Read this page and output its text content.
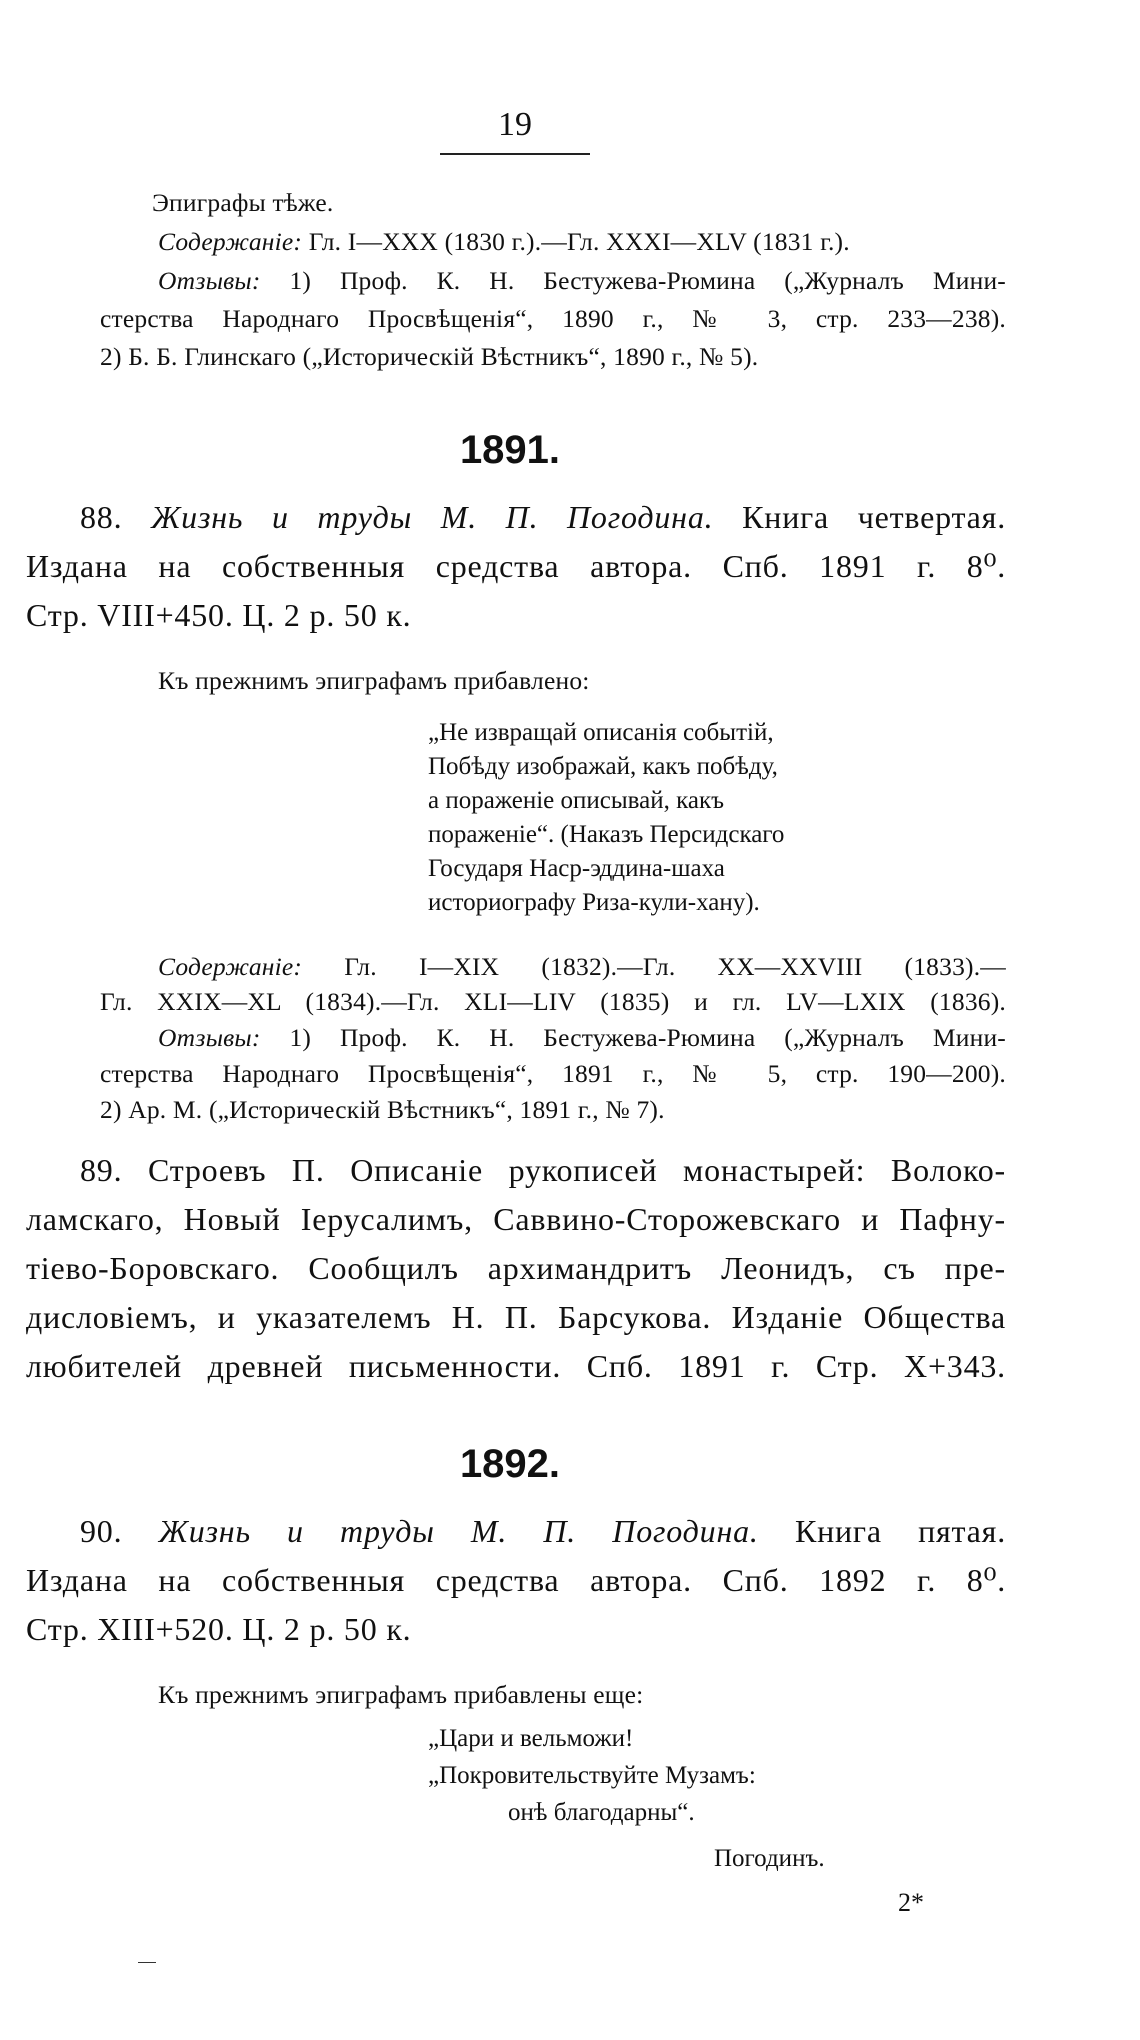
19
Эпиграфы тѣже.
Содержанie: Гл. I—XXX (1830 г.).—Гл. XXXI—XLV (1831 г.).
Отзывы: 1) Проф. К. Н. Бестужева-Рюмина („Журналъ Мини-
стерства Народнаго Просвѣщенія“, 1890 г., № 3, стр. 233—238).
2) Б. Б. Глинскаго („Историческій Вѣстникъ“, 1890 г., № 5).
1891.
88. Жизнь и труды М. П. Погодина. Книга четвертая.
Издана на собственныя средства автора. Спб. 1891 г. 8⁰.
Стр. VIII+450. Ц. 2 р. 50 к.
Къ прежнимъ эпиграфамъ прибавлено:
„Не извращай описанія событій,
Побѣду изображай, какъ побѣду,
а пораженіе описывай, какъ
пораженіе“. (Наказъ Персидскаго
Государя Наср-эддина-шаха
историографу Риза-кули-хану).
Содержанie: Гл. I—XIX (1832).—Гл. XX—XXVIII (1833).—
Гл. XXIX—XL (1834).—Гл. XLI—LIV (1835) и гл. LV—LXIX (1836).
Отзывы: 1) Проф. К. Н. Бестужева-Рюмина („Журналъ Мини-
стерства Народнаго Просвѣщенія“, 1891 г., № 5, стр. 190—200).
2) Ар. М. („Историческій Вѣстникъ“, 1891 г., № 7).
89. Строевъ П. Описаніе рукописей монастырей: Волоко-
ламскаго, Новый Іерусалимъ, Саввино-Сторожевскаго и Пафну-
тіево-Боровскаго. Сообщилъ архимандритъ Леонидъ, съ пре-
дисловіемъ, и указателемъ Н. П. Барсукова. Изданіе Общества
любителей древней письменности. Спб. 1891 г. Стр. X+343.
1892.
90. Жизнь и труды М. П. Погодина. Книга пятая.
Издана на собственныя средства автора. Спб. 1892 г. 8⁰.
Стр. XIII+520. Ц. 2 р. 50 к.
Къ прежнимъ эпиграфамъ прибавлены еще:
„Цари и вельможи!
„Покровительствуйте Музамъ:
онѣ благодарны“.
Погодинъ.
2*
